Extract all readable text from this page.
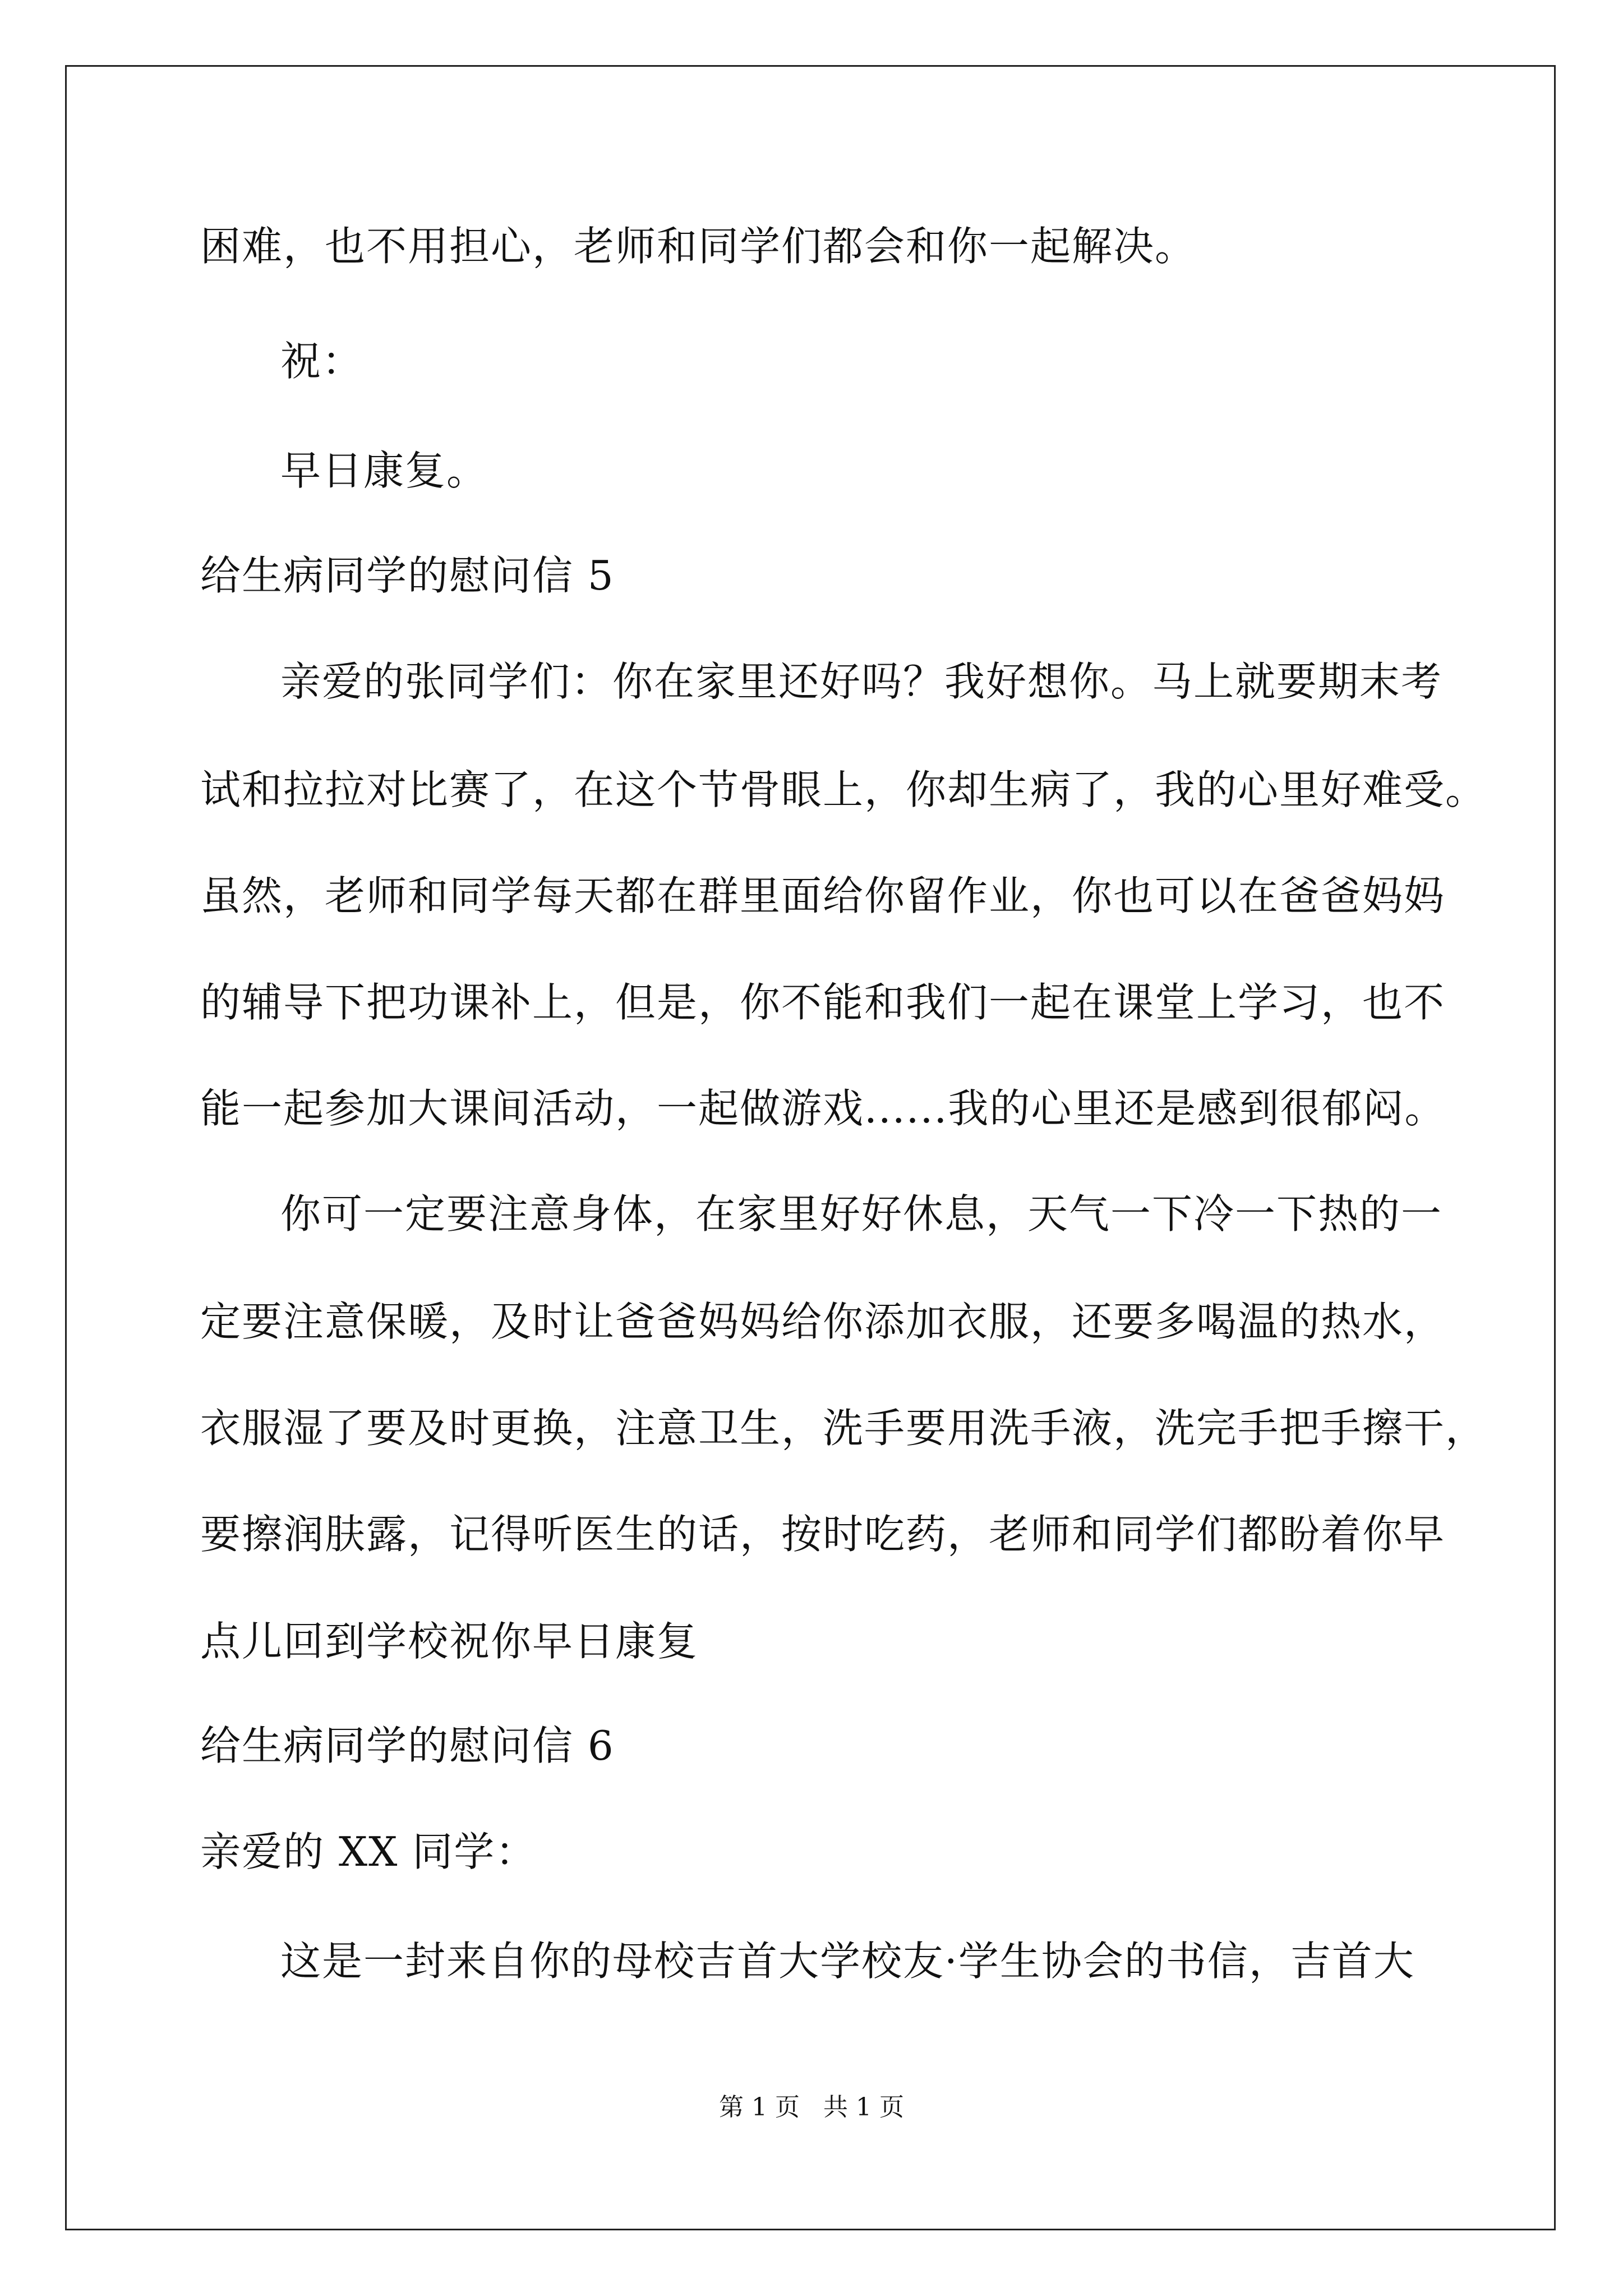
困难，也不用担心，老师和同学们都会和你一起解决。
祝：
早日康复。
给生病同学的慰问信 5
亲爱的张同学们：你在家里还好吗？我好想你。马上就要期末考
试和拉拉对比赛了，在这个节骨眼上，你却生病了，我的心里好难受。
虽然，老师和同学每天都在群里面给你留作业，你也可以在爸爸妈妈
的辅导下把功课补上，但是，你不能和我们一起在课堂上学习，也不
能一起参加大课间活动，一起做游戏......我的心里还是感到很郁闷。
你可一定要注意身体，在家里好好休息，天气一下冷一下热的一
定要注意保暖，及时让爸爸妈妈给你添加衣服，还要多喝温的热水，
衣服湿了要及时更换，注意卫生，洗手要用洗手液，洗完手把手擦干，
要擦润肤露，记得听医生的话，按时吃药，老师和同学们都盼着你早
点儿回到学校祝你早日康复
给生病同学的慰问信 6
亲爱的 XX 同学：
这是一封来自你的母校吉首大学校友·学生协会的书信，吉首大
第 1 页   共 1 页
